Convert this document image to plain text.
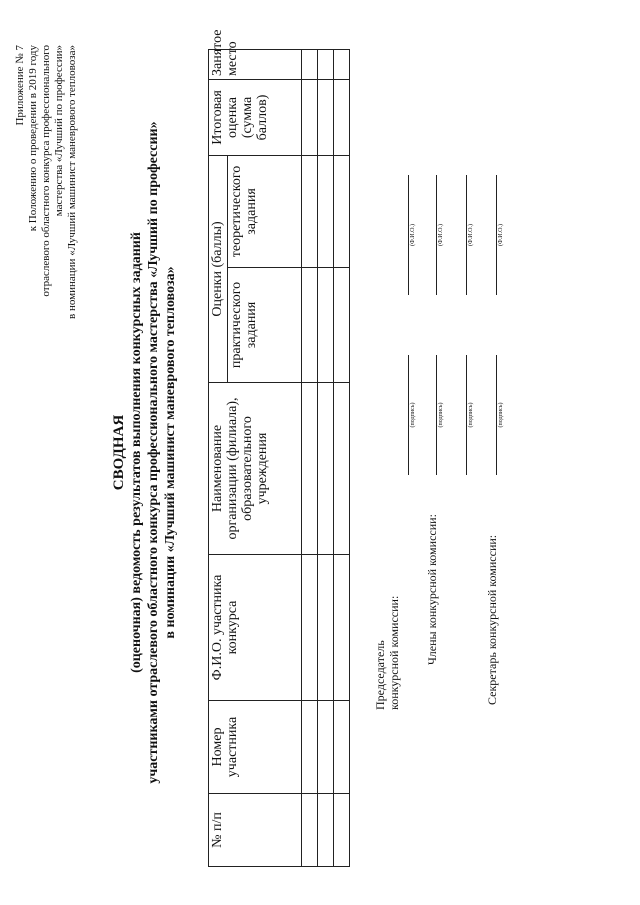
Приложение № 7 к Положению о проведении в 2019 году отраслевого областного конкурса профессионального мастерства «Лучший по профессии» в номинации «Лучший машинист маневрового тепловоза»
СВОДНАЯ (оценочная) ведомость результатов выполнения конкурсных заданий участниками отраслевого областного конкурса профессионального мастерства «Лучший по профессии» в номинации «Лучший машинист маневрового тепловоза»
№ п/п	Номер участника	Ф.И.О. участника конкурса	Наименование организации (филиала), образовательного учреждения	Оценки (баллы)		Итоговая оценка (сумма баллов)	Занятое место
				практического задания	теоретического задания		

Председатель конкурсной комиссии: Члены конкурсной комиссии:	Секретарь конкурсной комиссии:
(подпись)
(Ф.И.О.)
(подпись)
(Ф.И.О.)
(подпись)
(Ф.И.О.)
(подпись)
(Ф.И.О.)
